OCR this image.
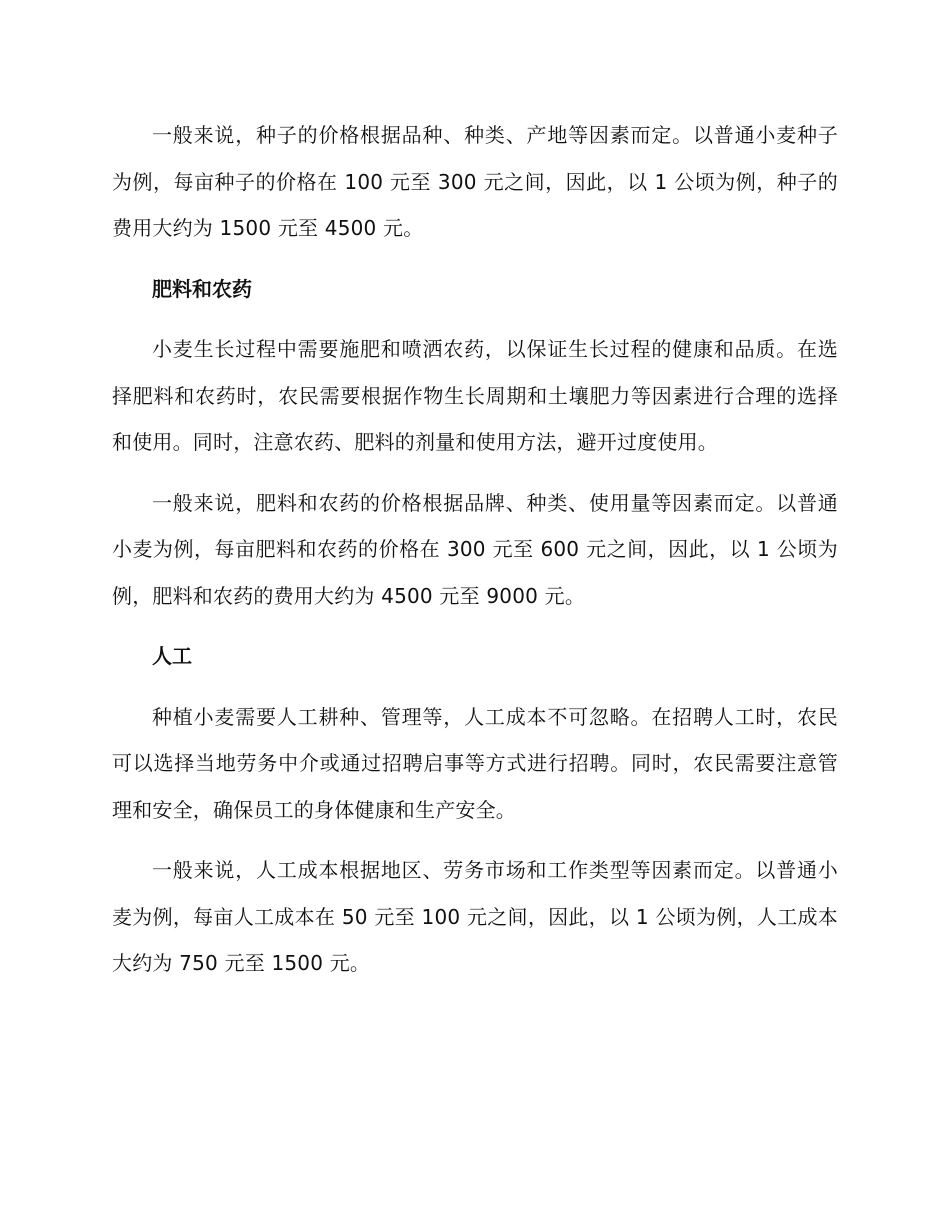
一般来说，种子的价格根据品种、种类、产地等因素而定。以普通小麦种子为例，每亩种子的价格在 100 元至 300 元之间，因此，以 1 公顷为例，种子的费用大约为 1500 元至 4500 元。

肥料和农药

小麦生长过程中需要施肥和喷洒农药，以保证生长过程的健康和品质。在选择肥料和农药时，农民需要根据作物生长周期和土壤肥力等因素进行合理的选择和使用。同时，注意农药、肥料的剂量和使用方法，避开过度使用。

一般来说，肥料和农药的价格根据品牌、种类、使用量等因素而定。以普通小麦为例，每亩肥料和农药的价格在 300 元至 600 元之间，因此，以 1 公顷为例，肥料和农药的费用大约为 4500 元至 9000 元。

人工

种植小麦需要人工耕种、管理等，人工成本不可忽略。在招聘人工时，农民可以选择当地劳务中介或通过招聘启事等方式进行招聘。同时，农民需要注意管理和安全，确保员工的身体健康和生产安全。

一般来说，人工成本根据地区、劳务市场和工作类型等因素而定。以普通小麦为例，每亩人工成本在 50 元至 100 元之间，因此，以 1 公顷为例，人工成本大约为 750 元至 1500 元。
